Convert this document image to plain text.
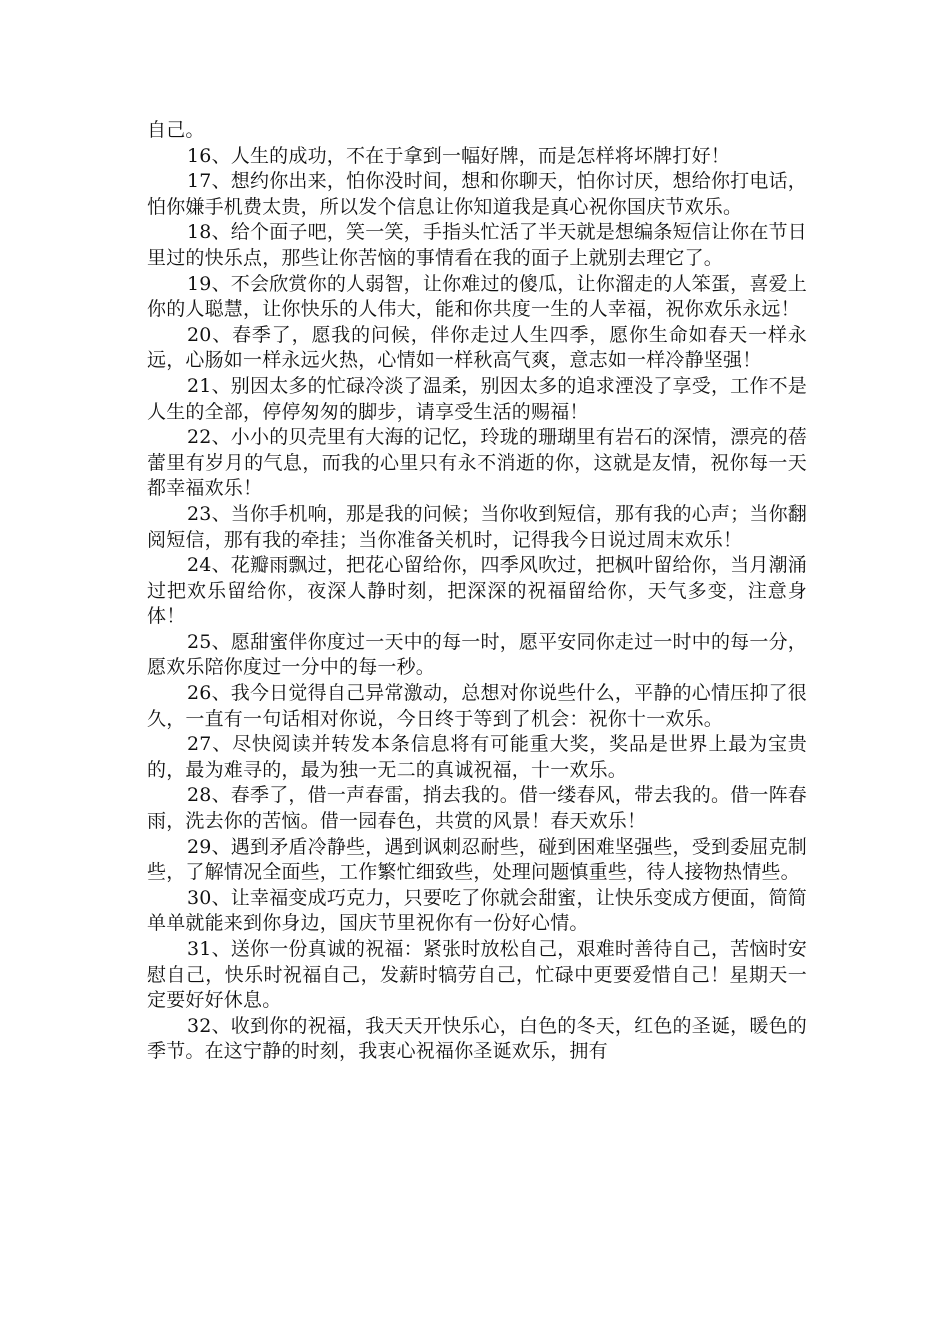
自己。

16、人生的成功，不在于拿到一幅好牌，而是怎样将坏牌打好！

17、想约你出来，怕你没时间，想和你聊天，怕你讨厌，想给你打电话，怕你嫌手机费太贵，所以发个信息让你知道我是真心祝你国庆节欢乐。

18、给个面子吧，笑一笑，手指头忙活了半天就是想编条短信让你在节日里过的快乐点，那些让你苦恼的事情看在我的面子上就别去理它了。

19、不会欣赏你的人弱智，让你难过的傻瓜，让你溜走的人笨蛋，喜爱上你的人聪慧，让你快乐的人伟大，能和你共度一生的人幸福，祝你欢乐永远！

20、春季了，愿我的问候，伴你走过人生四季，愿你生命如春天一样永远，心肠如一样永远火热，心情如一样秋高气爽，意志如一样冷静坚强！

21、别因太多的忙碌冷淡了温柔，别因太多的追求湮没了享受，工作不是人生的全部，停停匆匆的脚步，请享受生活的赐福！

22、小小的贝壳里有大海的记忆，玲珑的珊瑚里有岩石的深情，漂亮的蓓蕾里有岁月的气息，而我的心里只有永不消逝的你，这就是友情，祝你每一天都幸福欢乐！

23、当你手机响，那是我的问候；当你收到短信，那有我的心声；当你翻阅短信，那有我的牵挂；当你准备关机时，记得我今日说过周末欢乐！

24、花瓣雨飘过，把花心留给你，四季风吹过，把枫叶留给你，当月潮涌过把欢乐留给你，夜深人静时刻，把深深的祝福留给你，天气多变，注意身体！

25、愿甜蜜伴你度过一天中的每一时，愿平安同你走过一时中的每一分，愿欢乐陪你度过一分中的每一秒。

26、我今日觉得自己异常激动，总想对你说些什么，平静的心情压抑了很久，一直有一句话相对你说，今日终于等到了机会：祝你十一欢乐。

27、尽快阅读并转发本条信息将有可能重大奖，奖品是世界上最为宝贵的，最为难寻的，最为独一无二的真诚祝福，十一欢乐。

28、春季了，借一声春雷，捎去我的。借一缕春风，带去我的。借一阵春雨，洗去你的苦恼。借一园春色，共赏的风景！春天欢乐！

29、遇到矛盾冷静些，遇到讽刺忍耐些，碰到困难坚强些，受到委屈克制些，了解情况全面些，工作繁忙细致些，处理问题慎重些，待人接物热情些。

30、让幸福变成巧克力，只要吃了你就会甜蜜，让快乐变成方便面，简简单单就能来到你身边，国庆节里祝你有一份好心情。

31、送你一份真诚的祝福：紧张时放松自己，艰难时善待自己，苦恼时安慰自己，快乐时祝福自己，发薪时犒劳自己，忙碌中更要爱惜自己！星期天一定要好好休息。

32、收到你的祝福，我天天开快乐心，白色的冬天，红色的圣诞，暖色的季节。在这宁静的时刻，我衷心祝福你圣诞欢乐，拥有
